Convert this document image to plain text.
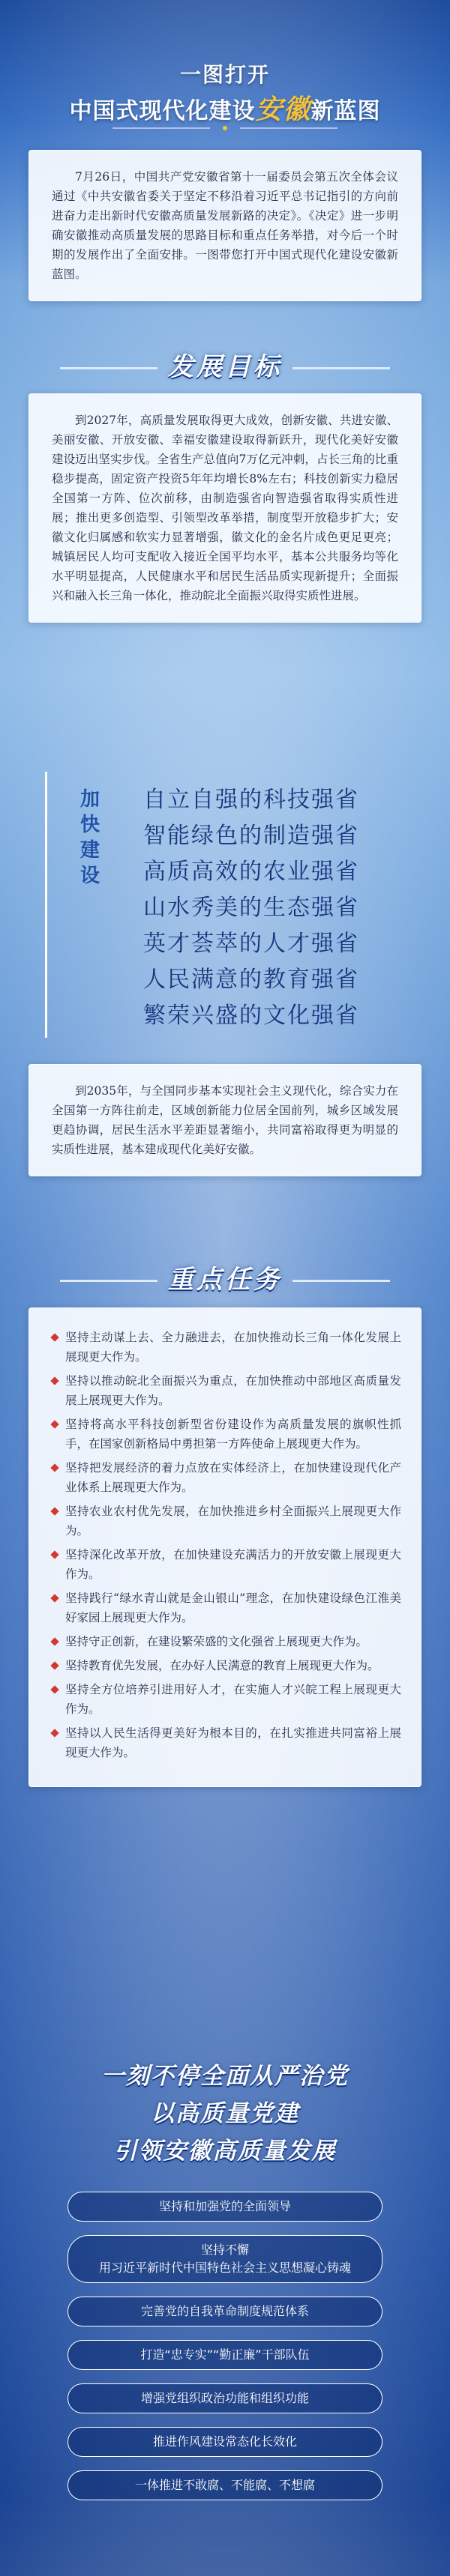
一图打开
中国式现代化建设安徽新蓝图
7月26日，中国共产党安徽省第十一届委员会第五次全体会议通过《中共安徽省委关于坚定不移沿着习近平总书记指引的方向前进奋力走出新时代安徽高质量发展新路的决定》。《决定》进一步明确安徽推动高质量发展的思路目标和重点任务举措，对今后一个时期的发展作出了全面安排。一图带您打开中国式现代化建设安徽新蓝图。
发展目标
到2027年，高质量发展取得更大成效，创新安徽、共进安徽、美丽安徽、开放安徽、幸福安徽建设取得新跃升，现代化美好安徽建设迈出坚实步伐。全省生产总值向7万亿元冲刺，占长三角的比重稳步提高，固定资产投资5年年均增长8%左右；科技创新实力稳居全国第一方阵、位次前移，由制造强省向智造强省取得实质性进展；推出更多创造型、引领型改革举措，制度型开放稳步扩大；安徽文化归属感和软实力显著增强，徽文化的金名片成色更足更亮；城镇居民人均可支配收入接近全国平均水平，基本公共服务均等化水平明显提高，人民健康水平和居民生活品质实现新提升；全面振兴和融入长三角一体化，推动皖北全面振兴取得实质性进展。
加快建设
自立自强的科技强省
智能绿色的制造强省
高质高效的农业强省
山水秀美的生态强省
英才荟萃的人才强省
人民满意的教育强省
繁荣兴盛的文化强省
到2035年，与全国同步基本实现社会主义现代化，综合实力在全国第一方阵往前走，区域创新能力位居全国前列，城乡区域发展更趋协调，居民生活水平差距显著缩小，共同富裕取得更为明显的实质性进展，基本建成现代化美好安徽。
重点任务
坚持主动谋上去、全力融进去，在加快推动长三角一体化发展上展现更大作为。
坚持以推动皖北全面振兴为重点，在加快推动中部地区高质量发展上展现更大作为。
坚持将高水平科技创新型省份建设作为高质量发展的旗帜性抓手，在国家创新格局中勇担第一方阵使命上展现更大作为。
坚持把发展经济的着力点放在实体经济上，在加快建设现代化产业体系上展现更大作为。
坚持农业农村优先发展，在加快推进乡村全面振兴上展现更大作为。
坚持深化改革开放，在加快建设充满活力的开放安徽上展现更大作为。
坚持践行“绿水青山就是金山银山”理念，在加快建设绿色江淮美好家园上展现更大作为。
坚持守正创新，在建设繁荣盛的文化强省上展现更大作为。
坚持教育优先发展，在办好人民满意的教育上展现更大作为。
坚持全方位培养引进用好人才，在实施人才兴皖工程上展现更大作为。
坚持以人民生活得更美好为根本目的，在扎实推进共同富裕上展现更大作为。
一刻不停全面从严治党
以高质量党建
引领安徽高质量发展
坚持和加强党的全面领导
坚持不懈
用习近平新时代中国特色社会主义思想凝心铸魂
完善党的自我革命制度规范体系
打造“忠专实”“勤正廉”干部队伍
增强党组织政治功能和组织功能
推进作风建设常态化长效化
一体推进不敢腐、不能腐、不想腐
